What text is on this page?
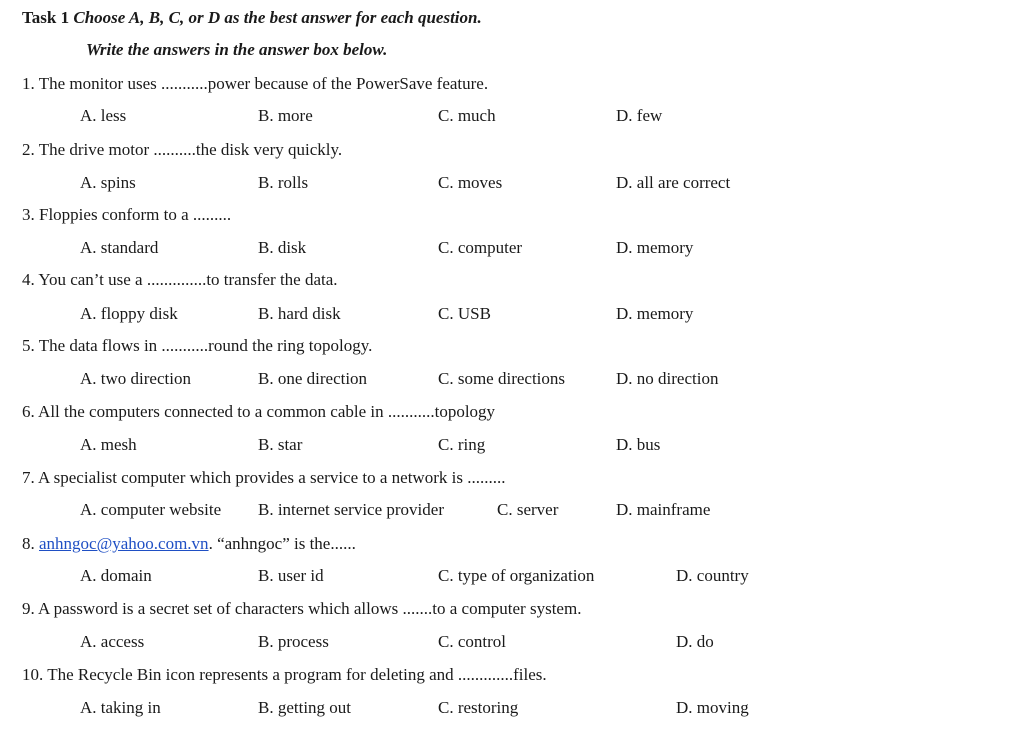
Task 1 Choose A, B, C, or D as the best answer for each question.
Write the answers in the answer box below.
1. The monitor uses ...........power because of the PowerSave feature.
A. less	B. more	C. much	D. few
2. The drive motor ..........the disk very quickly.
A. spins	B. rolls	C. moves	D. all are correct
3. Floppies conform to a .........
A. standard	B. disk	C. computer	D. memory
4. You can’t use a ..............to transfer the data.
A. floppy disk	B. hard disk	C. USB	D. memory
5. The data flows in ...........round the ring topology.
A. two direction	B. one direction	C. some directions	D. no direction
6. All the computers connected to a common cable in ...........topology
A. mesh	B. star	C. ring	D. bus
7. A specialist computer which provides a service to a network is .........
A. computer website B. internet service provider	C. server	D. mainframe
8. anhngoc@yahoo.com.vn. “anhngoc” is the......
A. domain	B. user id	C. type of organization	D. country
9. A password is a secret set of characters which allows .......to a computer system.
A. access	B. process	C. control	D. do
10. The Recycle Bin icon represents a program for deleting and .............files.
A. taking in	B. getting out	C. restoring	D. moving
